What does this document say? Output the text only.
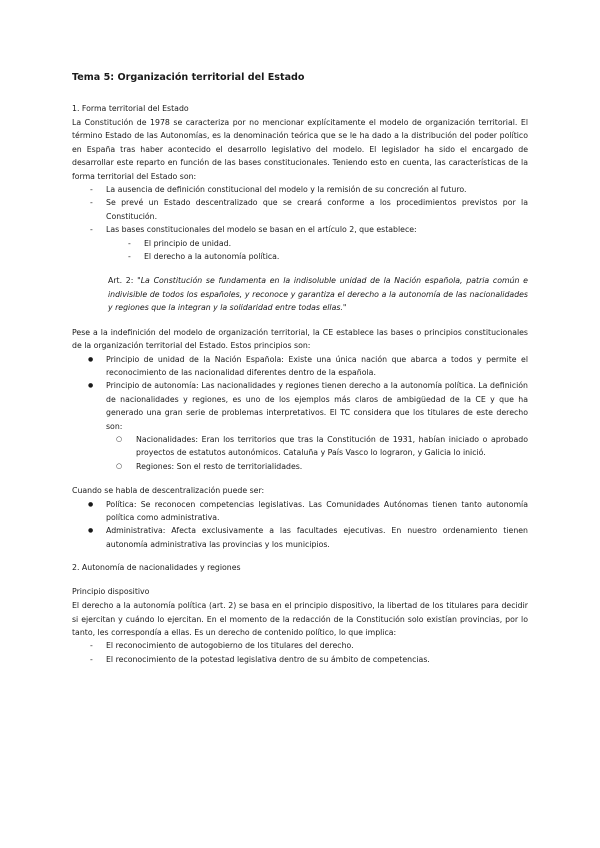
Tema 5: Organización territorial del Estado
1. Forma territorial del Estado

La Constitución de 1978 se caracteriza por no mencionar explícitamente el modelo de organización territorial. El término Estado de las Autonomías, es la denominación teórica que se le ha dado a la distribución del poder político en España tras haber acontecido el desarrollo legislativo del modelo. El legislador ha sido el encargado de desarrollar este reparto en función de las bases constitucionales. Teniendo esto en cuenta, las características de la forma territorial del Estado son:

- La ausencia de definición constitucional del modelo y la remisión de su concreción al futuro.
- Se prevé un Estado descentralizado que se creará conforme a los procedimientos previstos por la Constitución.
- Las bases constitucionales del modelo se basan en el artículo 2, que establece:
- El principio de unidad.
- El derecho a la autonomía política.

Art. 2: "La Constitución se fundamenta en la indisoluble unidad de la Nación española, patria común e indivisible de todos los españoles, y reconoce y garantiza el derecho a la autonomía de las nacionalidades y regiones que la integran y la solidaridad entre todas ellas."

Pese a la indefinición del modelo de organización territorial, la CE establece las bases o principios constitucionales de la organización territorial del Estado. Estos principios son:

● Principio de unidad de la Nación Española: Existe una única nación que abarca a todos y permite el reconocimiento de las nacionalidad diferentes dentro de la española.
● Principio de autonomía: Las nacionalidades y regiones tienen derecho a la autonomía política. La definición de nacionalidades y regiones, es uno de los ejemplos más claros de ambigüedad de la CE y que ha generado una gran serie de problemas interpretativos. El TC considera que los titulares de este derecho son:
○ Nacionalidades: Eran los territorios que tras la Constitución de 1931, habían iniciado o aprobado proyectos de estatutos autonómicos. Cataluña y País Vasco lo lograron, y Galicia lo inició.
○ Regiones: Son el resto de territorialidades.

Cuando se habla de descentralización puede ser:

● Política: Se reconocen competencias legislativas. Las Comunidades Autónomas tienen tanto autonomía política como administrativa.
● Administrativa: Afecta exclusivamente a las facultades ejecutivas. En nuestro ordenamiento tienen autonomía administrativa las provincias y los municipios.
2. Autonomía de nacionalidades y regiones
Principio dispositivo

El derecho a la autonomía política (art. 2) se basa en el principio dispositivo, la libertad de los titulares para decidir si ejercitan y cuándo lo ejercitan. En el momento de la redacción de la Constitución solo existían provincias, por lo tanto, les correspondía a ellas. Es un derecho de contenido político, lo que implica:

- El reconocimiento de autogobierno de los titulares del derecho.
- El reconocimiento de la potestad legislativa dentro de su ámbito de competencias.
